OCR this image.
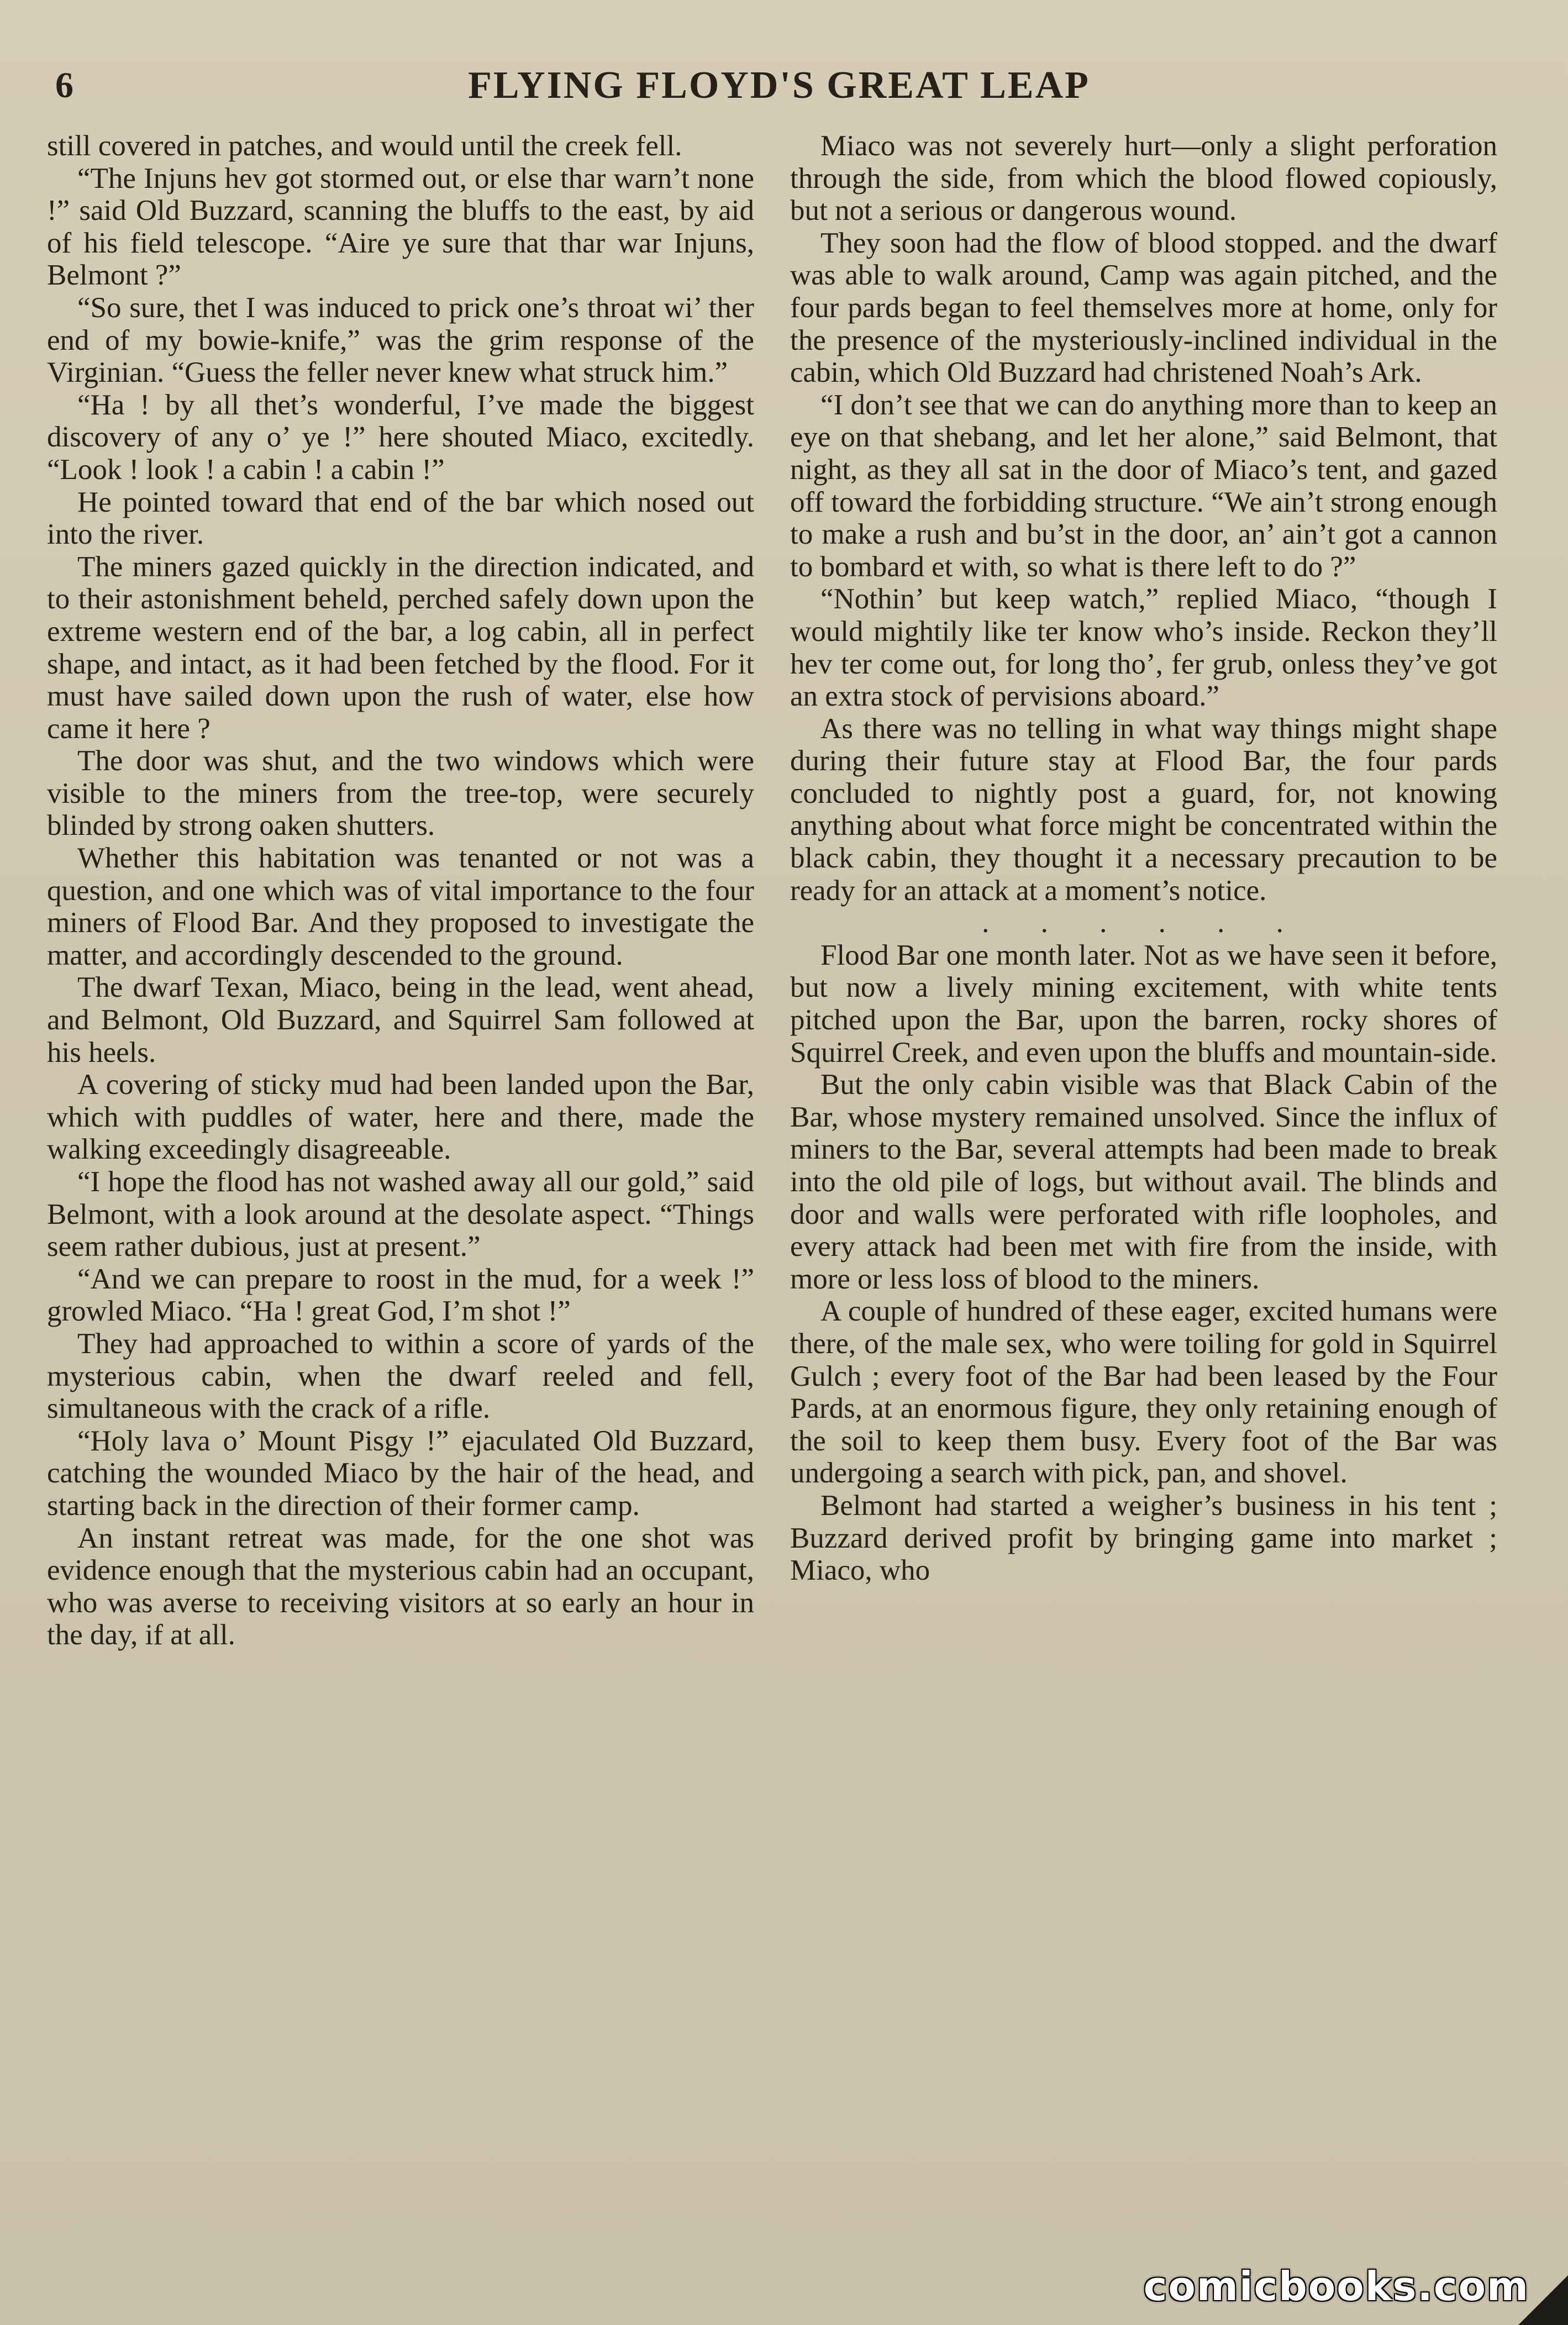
6	FLYING FLOYD'S GREAT LEAP

still covered in patches, and would until the creek fell.

“The Injuns hev got stormed out, or else thar warn’t none !” said Old Buzzard, scanning the bluffs to the east, by aid of his field telescope. “Aire ye sure that thar war Injuns, Belmont ?”

“So sure, thet I was induced to prick one’s throat wi’ ther end of my bowie-knife,” was the grim response of the Virginian. “Guess the feller never knew what struck him.”

“Ha ! by all thet’s wonderful, I’ve made the biggest discovery of any o’ ye !” here shouted Miaco, excitedly. “Look ! look ! a cabin ! a cabin !”

He pointed toward that end of the bar which nosed out into the river.

The miners gazed quickly in the direction indicated, and to their astonishment beheld, perched safely down upon the extreme western end of the bar, a log cabin, all in perfect shape, and intact, as it had been fetched by the flood. For it must have sailed down upon the rush of water, else how came it here ?

The door was shut, and the two windows which were visible to the miners from the tree-top, were securely blinded by strong oaken shutters.

Whether this habitation was tenanted or not was a question, and one which was of vital importance to the four miners of Flood Bar. And they proposed to investigate the matter, and accordingly descended to the ground.

The dwarf Texan, Miaco, being in the lead, went ahead, and Belmont, Old Buzzard, and Squirrel Sam followed at his heels.

A covering of sticky mud had been landed upon the Bar, which with puddles of water, here and there, made the walking exceedingly disagreeable.

“I hope the flood has not washed away all our gold,” said Belmont, with a look around at the desolate aspect. “Things seem rather dubious, just at present.”

“And we can prepare to roost in the mud, for a week !” growled Miaco. “Ha ! great God, I’m shot !”

They had approached to within a score of yards of the mysterious cabin, when the dwarf reeled and fell, simultaneous with the crack of a rifle.

“Holy lava o’ Mount Pisgy !” ejaculated Old Buzzard, catching the wounded Miaco by the hair of the head, and starting back in the direction of their former camp.

An instant retreat was made, for the one shot was evidence enough that the mysterious cabin had an occupant, who was averse to receiving visitors at so early an hour in the day, if at all.

Miaco was not severely hurt—only a slight perforation through the side, from which the blood flowed copiously, but not a serious or dangerous wound.

They soon had the flow of blood stopped. and the dwarf was able to walk around, Camp was again pitched, and the four pards began to feel themselves more at home, only for the presence of the mysteriously-inclined individual in the cabin, which Old Buzzard had christened Noah’s Ark.

“I don’t see that we can do anything more than to keep an eye on that shebang, and let her alone,” said Belmont, that night, as they all sat in the door of Miaco’s tent, and gazed off toward the forbidding structure. “We ain’t strong enough to make a rush and bu’st in the door, an’ ain’t got a cannon to bombard et with, so what is there left to do ?”

“Nothin’ but keep watch,” replied Miaco, “though I would mightily like ter know who’s inside. Reckon they’ll hev ter come out, for long tho’, fer grub, onless they’ve got an extra stock of pervisions aboard.”

As there was no telling in what way things might shape during their future stay at Flood Bar, the four pards concluded to nightly post a guard, for, not knowing anything about what force might be concentrated within the black cabin, they thought it a necessary precaution to be ready for an attack at a moment’s notice.

. . . . . .

Flood Bar one month later. Not as we have seen it before, but now a lively mining excitement, with white tents pitched upon the Bar, upon the barren, rocky shores of Squirrel Creek, and even upon the bluffs and mountain-side.

But the only cabin visible was that Black Cabin of the Bar, whose mystery remained unsolved. Since the influx of miners to the Bar, several attempts had been made to break into the old pile of logs, but without avail. The blinds and door and walls were perforated with rifle loopholes, and every attack had been met with fire from the inside, with more or less loss of blood to the miners.

A couple of hundred of these eager, excited humans were there, of the male sex, who were toiling for gold in Squirrel Gulch ; every foot of the Bar had been leased by the Four Pards, at an enormous figure, they only retaining enough of the soil to keep them busy. Every foot of the Bar was undergoing a search with pick, pan, and shovel.

Belmont had started a weigher’s business in his tent ; Buzzard derived profit by bringing game into market ; Miaco, who

comicbooks.com
